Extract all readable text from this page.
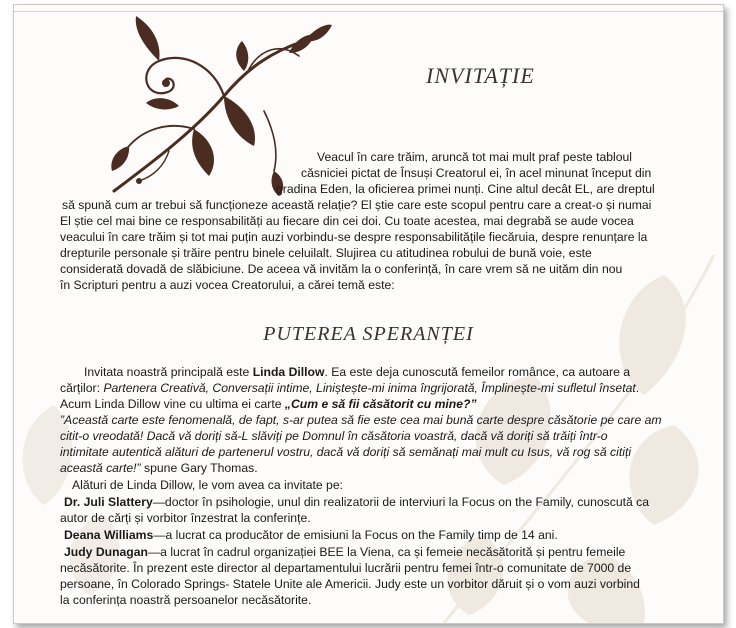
INVITAȚIE
Veacul în care trăim, aruncă tot mai mult praf peste tabloul
căsniciei pictat de Însuși Creatorul ei, în acel minunat început din
gradina Eden, la oficierea primei nunți. Cine altul decât EL, are dreptul
să spună cum ar trebui să funcționeze această relație? El știe care este scopul pentru care a creat-o și numai
El știe cel mai bine ce responsabilități au fiecare din cei doi. Cu toate acestea, mai degrabă se aude vocea
veacului în care trăim și tot mai puțin auzi vorbindu-se despre responsabilitățile fiecăruia, despre renunțare la
drepturile personale și trăire pentru binele celuilalt. Slujirea cu atitudinea robului de bună voie, este
considerată dovadă de slăbiciune. De aceea vă invităm la o conferință, în care vrem să ne uităm din nou
în Scripturi pentru a auzi vocea Creatorului, a cărei temă este:
PUTEREA SPERANȚEI
Invitata noastră principală este Linda Dillow. Ea este deja cunoscută femeilor românce, ca autoare a
cărților: Partenera Creativă, Conversații intime, Liniștește-mi inima îngrijorată, Împlinește-mi sufletul însetat.
Acum Linda Dillow vine cu ultima ei carte „Cum e să fii căsătorit cu mine?”
”Această carte este fenomenală, de fapt, s-ar putea să fie este cea mai bună carte despre căsătorie pe care am
citit-o vreodată! Dacă vă doriți să-L slăviți pe Domnul în căsătoria voastră, dacă vă doriți să trăiți într-o
intimitate autentică alături de partenerul vostru, dacă vă doriți să semănați mai mult cu Isus, vă rog să citiți
această carte!” spune Gary Thomas.
Alături de Linda Dillow, le vom avea ca invitate pe:
Dr. Juli Slattery—doctor în psihologie, unul din realizatorii de interviuri la Focus on the Family, cunoscută ca
autor de cărți și vorbitor înzestrat la conferințe.
Deana Williams—a lucrat ca producător de emisiuni la Focus on the Family timp de 14 ani.
Judy Dunagan—a lucrat în cadrul organizației BEE la Viena, ca și femeie necăsătorită și pentru femeile
necăsătorite. În prezent este director al departamentului lucrării pentru femei într-o comunitate de 7000 de
persoane, în Colorado Springs- Statele Unite ale Americii. Judy este un vorbitor dăruit și o vom auzi vorbind
la conferința noastră persoanelor necăsătorite.
